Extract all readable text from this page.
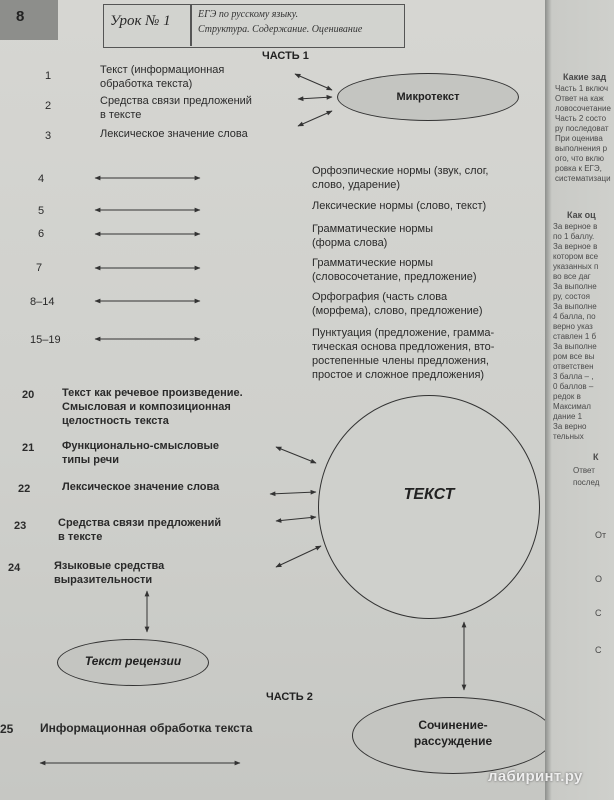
8	Урок № 1	ЕГЭ по русскому языку.
Структура. Содержание. Оценивание
ЧАСТЬ 1
1	Текст (информационная
обработка текста)
2	Средства связи предложений
в тексте
3	Лексическое значение слова
Микротекст
4
Орфоэпические нормы (звук, слог,
слово, ударение)
5	Лексические нормы (слово, текст)
6	Грамматические нормы
(форма слова)
7	Грамматические нормы
(словосочетание, предложение)
8–14	Орфография (часть слова
(морфема), слово, предложение)
15–19
Пунктуация (предложение, грамма-
тическая основа предложения, вто-
ростепенные члены предложения,
простое и сложное предложения)
20	Текст как речевое произведение.
Смысловая и композиционная
целостность текста
21	Функционально-смысловые
типы речи
22	Лексическое значение слова
23	Средства связи предложений
в тексте
24	Языковые средства
выразительности
ТЕКСТ
Текст рецензии
Сочинение-
рассуждение
ЧАСТЬ 2
25 Информационная обработка текста
Какие зад
Часть 1 включ
Ответ на каж
ловосочетание
Часть 2 состо
ру последоват
При оценива
выполнения р
ого, что вклю
ровка к ЕГЭ,
систематизаци
Как оц
За верное в
по 1 баллу.
За верное в
котором все
указанных п
во все даг
За выполне
ру, состоя
За выполне
4 балла, по
верно указ
ставлен 1 б
За выполне
ром все вы
ответствен
3 балла – ,
0 баллов –
редок в
Максимал
дание 1
За верно
тельных
К
Ответ
послед
От
О
С
С
лабиринт.ру
